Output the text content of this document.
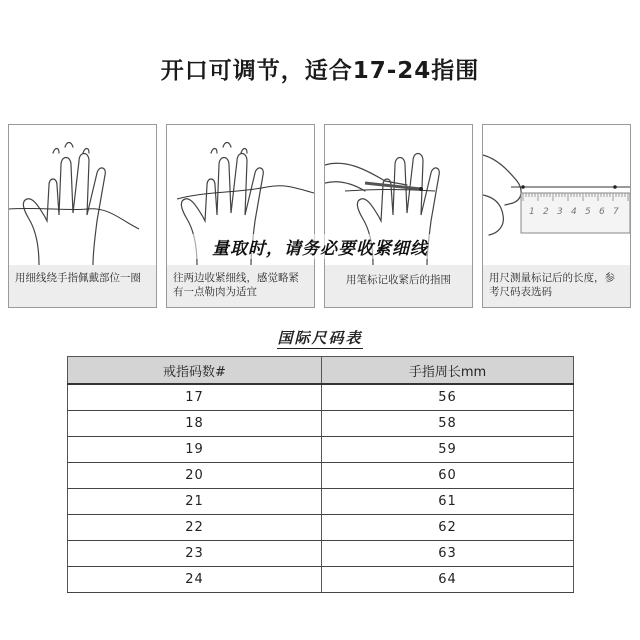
开口可调节，适合17-24指围
用细线绕手指佩戴部位一圈	往两边收紧细线，感觉略紧有一点勒肉为适宜
用笔标记收紧后的指围
1 2 3 4 5 6 7
用尺测量标记后的长度，参考尺码表选码
量取时，请务必要收紧细线
国际尺码表
戒指码数#	手指周长mm
17	56
18	58
19	59
20	60
21	61
22	62
23	63
24	64
